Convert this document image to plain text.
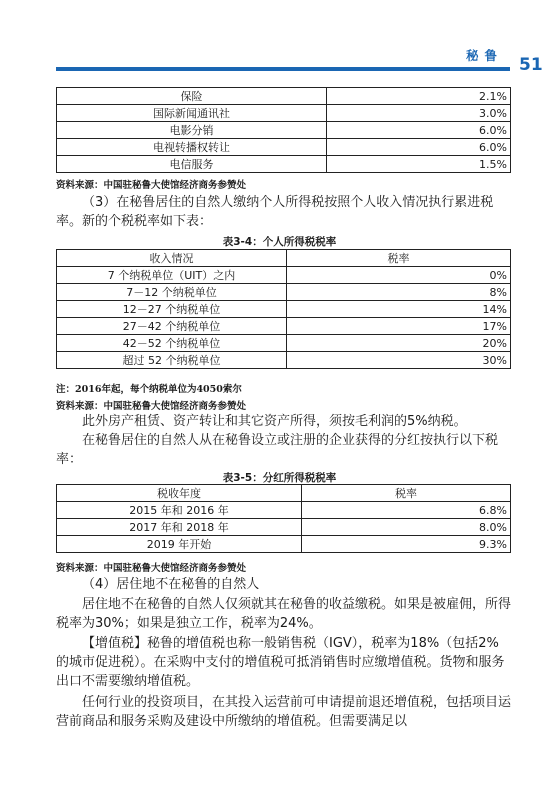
秘鲁 51
保险	2.1%
国际新闻通讯社	3.0%
电影分销	6.0%
电视转播权转让	6.0%
电信服务	1.5%
资料来源：中国驻秘鲁大使馆经济商务参赞处
（3）在秘鲁居住的自然人缴纳个人所得税按照个人收入情况执行累进税率。新的个税税率如下表：
表3-4：个人所得税税率
收入情况	税率
7 个纳税单位（UIT）之内	0%
7－12 个纳税单位	8%
12－27 个纳税单位	14%
27－42 个纳税单位	17%
42－52 个纳税单位	20%
超过 52 个纳税单位	30%
注：2016年起，每个纳税单位为4050索尔
资料来源：中国驻秘鲁大使馆经济商务参赞处
此外房产租赁、资产转让和其它资产所得，须按毛利润的5%纳税。
在秘鲁居住的自然人从在秘鲁设立或注册的企业获得的分红按执行以下税率：
表3-5：分红所得税税率
税收年度	税率
2015 年和 2016 年	6.8%
2017 年和 2018 年	8.0%
2019 年开始	9.3%
资料来源：中国驻秘鲁大使馆经济商务参赞处
（4）居住地不在秘鲁的自然人
居住地不在秘鲁的自然人仅须就其在秘鲁的收益缴税。如果是被雇佣，所得税率为30%；如果是独立工作，税率为24%。
【增值税】秘鲁的增值税也称一般销售税（IGV），税率为18%（包括2%的城市促进税）。在采购中支付的增值税可抵消销售时应缴增值税。货物和服务出口不需要缴纳增值税。
任何行业的投资项目，在其投入运营前可申请提前退还增值税，包括项目运营前商品和服务采购及建设中所缴纳的增值税。但需要满足以
